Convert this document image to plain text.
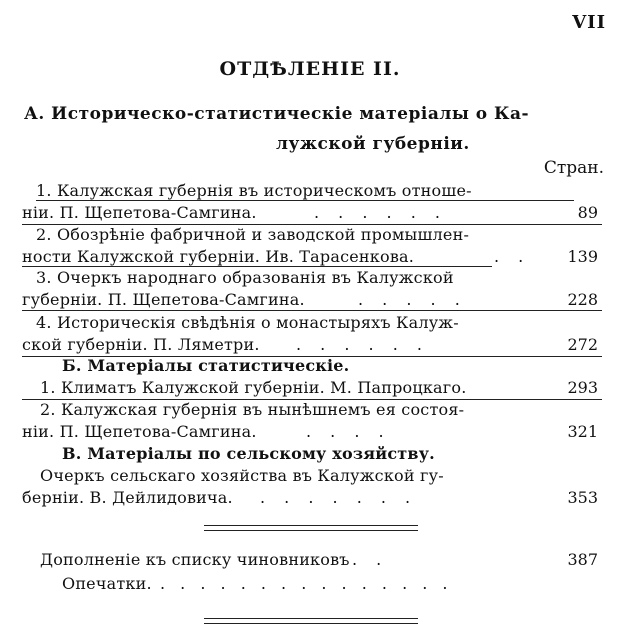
VII
ОТДѢЛЕНІЕ II.
А. Историческо-статистическіе матеріалы о Ка-
лужской губерніи.
Стран.
1. Калужская губернія въ историческомъ отноше-
ніи. П. Щепетова-Самгина.	. . . . . .	89
2. Обозрѣніе фабричной и заводской промышлен-
ности Калужской губерніи. Ив. Тарасенкова.	. . 139
3. Очеркъ народнаго образованія въ Калужской
губерніи. П. Щепетова-Самгина.	. . . . .	228
4. Историческія свѣдѣнія о монастыряхъ Калуж-
ской губерніи. П. Ляметри. . . . . . .	272
Б. Матеріалы статистическіе.
1. Климатъ Калужской губерніи. М. Папроцкаго.	293
2. Калужская губернія въ нынѣшнемъ ея состоя-
ніи. П. Щепетова-Самгина.	. . . .	321
В. Матеріалы по сельскому хозяйству.
Очеркъ сельскаго хозяйства въ Калужской гу-
берніи. В. Дейлидовича. . . . . . . .	353
Дополненіе къ списку чиновниковъ . .	387
Опечатки. . . . . . . . . . . . . . . .
